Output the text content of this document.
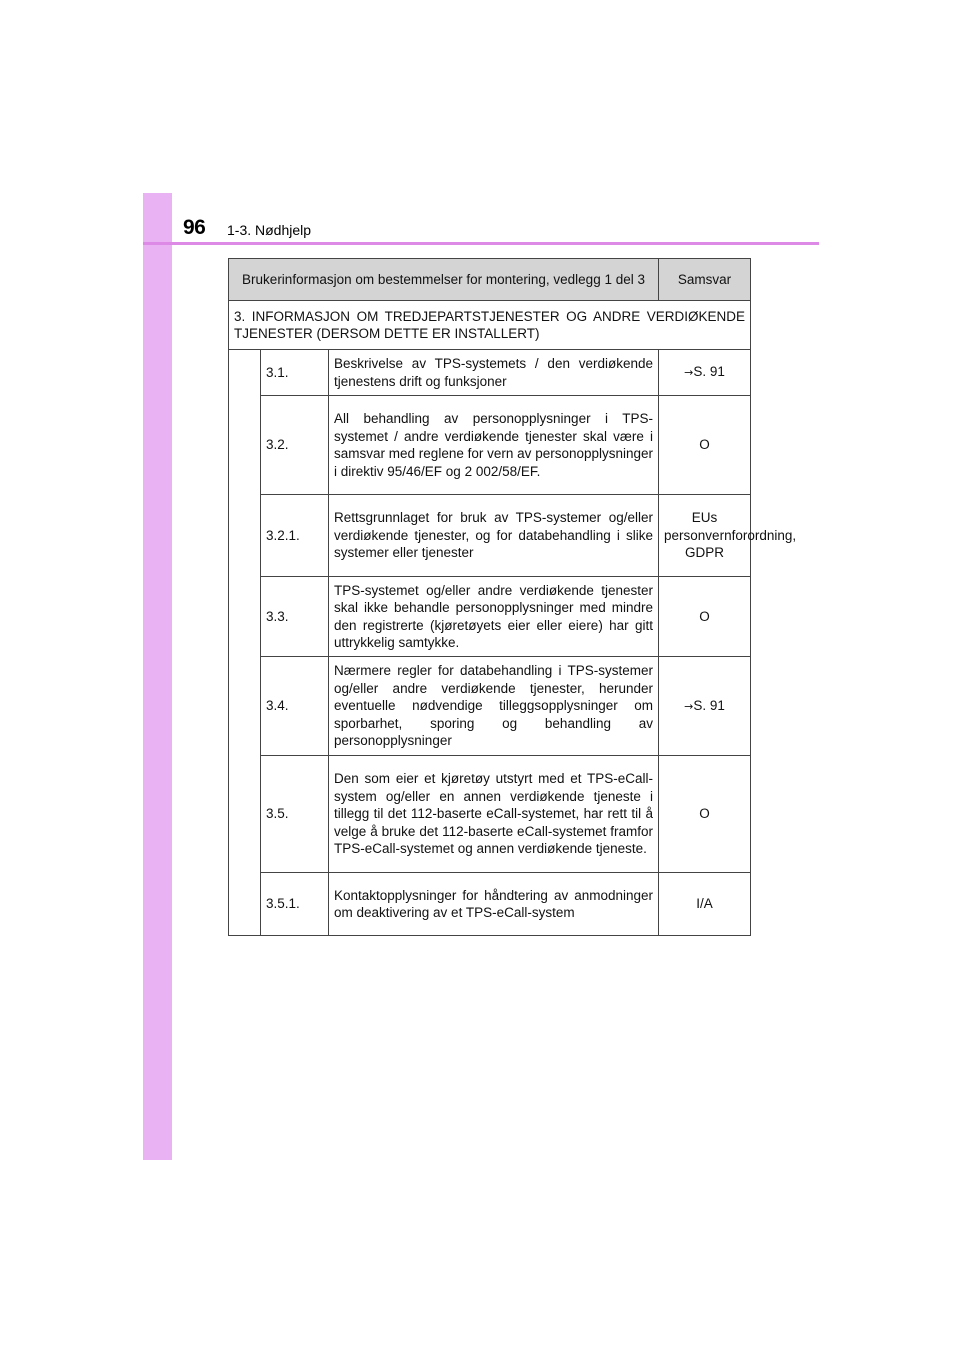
96 1-3. Nødhjelp
Brukerinformasjon om bestemmelser for montering, vedlegg 1 del 3			Samsvar
3. INFORMASJON OM TREDJEPARTSTJENESTER OG ANDRE VERDIØKENDE TJENESTER (DERSOM DETTE ER INSTALLERT)			
	3.1.	Beskrivelse av TPS-systemets / den verdiøkende tjenestens drift og funksjoner	→S. 91
	3.2.	All behandling av personopplysninger i TPS-systemet / andre verdiøkende tjenester skal være i samsvar med reglene for vern av personopplysninger i direktiv 95/46/EF og 2 002/58/EF.	O
	3.2.1.	Rettsgrunnlaget for bruk av TPS-systemer og/eller verdiøkende tjenester, og for databehandling i slike systemer eller tjenester	EUs personvernforordning, GDPR
	3.3.	TPS-systemet og/eller andre verdiøkende tjenester skal ikke behandle personopplysninger med mindre den registrerte (kjøretøyets eier eller eiere) har gitt uttrykkelig samtykke.	O
	3.4.	Nærmere regler for databehandling i TPS-systemer og/eller andre verdiøkende tjenester, herunder eventuelle nødvendige tilleggsopplysninger om sporbarhet, sporing og behandling av personopplysninger	→S. 91
	3.5.	Den som eier et kjøretøy utstyrt med et TPS-eCall-system og/eller en annen verdiøkende tjeneste i tillegg til det 112-baserte eCall-systemet, har rett til å velge å bruke det 112-baserte eCall-systemet framfor TPS-eCall-systemet og annen verdiøkende tjeneste.	O
	3.5.1.	Kontaktopplysninger for håndtering av anmodninger om deaktivering av et TPS-eCall-system	I/A
